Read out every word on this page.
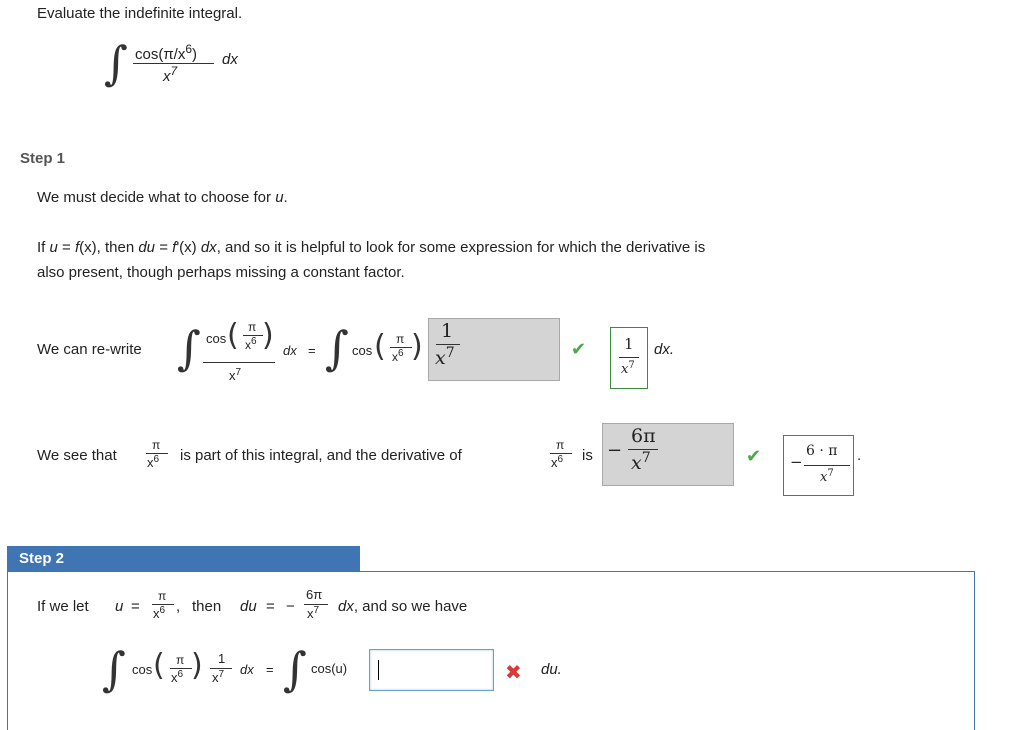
Evaluate the indefinite integral.
∫ $\cos(\pi/x^6)$
$x^7$
dx
Step 1
We must decide what to choose for u.
If u = f(x), then du = f'(x) dx, and so it is helpful to look for some expression for which the derivative is
also present, though perhaps missing a constant factor.
We can re-write ∫ cos ( π
$x^6$ )
$x^7$
dx = ∫ cos ( π
$x^6$ ) 1
$x^7$	✔	1
$x^7$
dx.
We see that
π
$x^6$ is part of this integral, and the derivative of
π
$x^6$ is −
6π
$x^7$	✔ −
6 · π
$x^7$
.
Step 2
If we let u =
π
$x^6$ , then du = −
6π
$x^7$ dx, and so we have
∫ cos ( π
$x^6$ ) 1
$x^7$ dx = ∫ cos(u)	✖ du.
